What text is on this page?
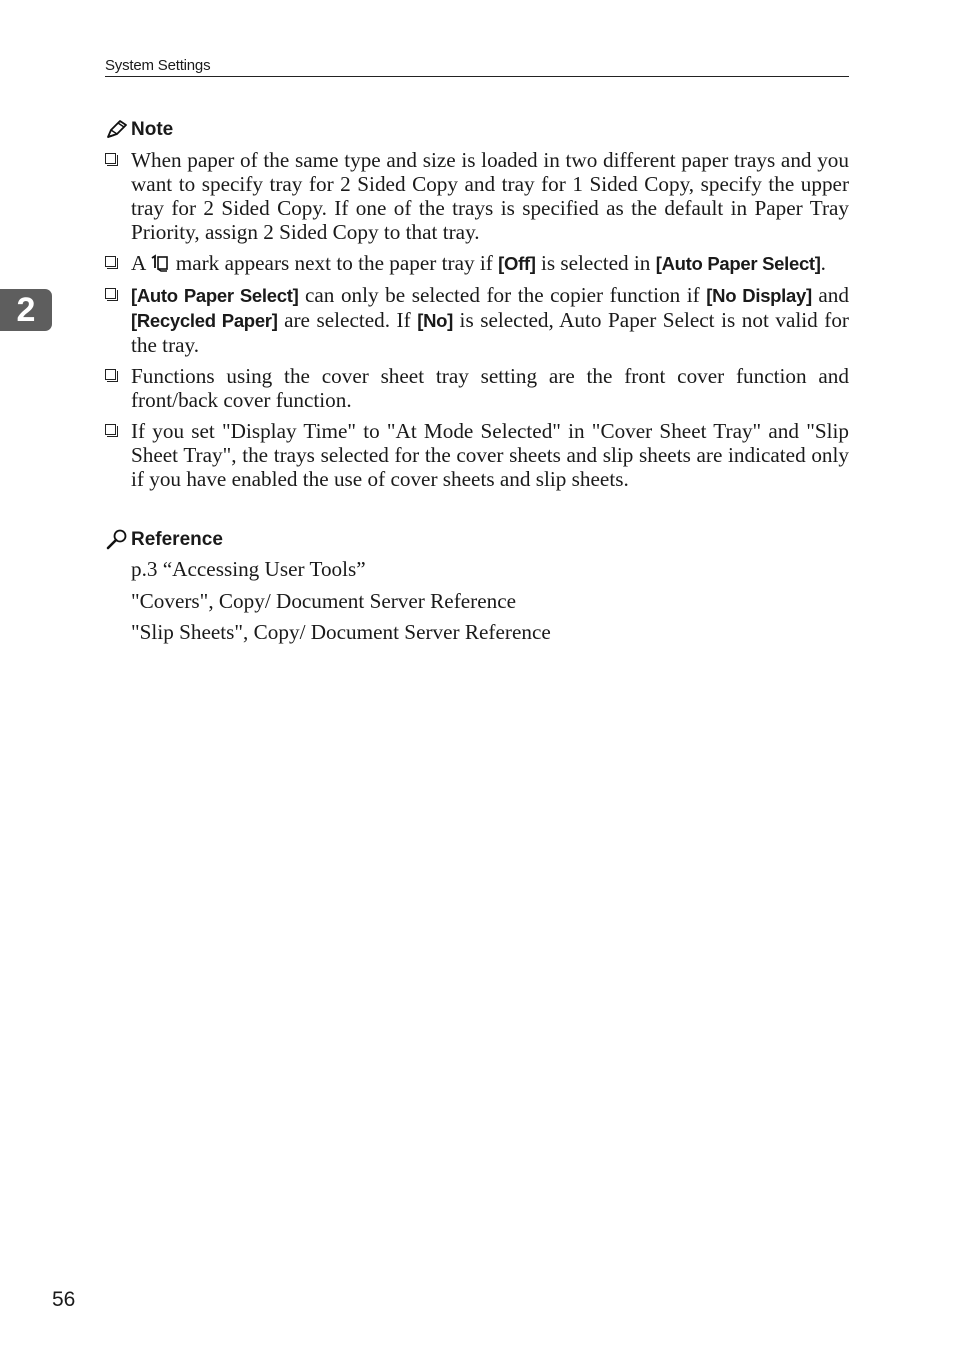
System Settings
2
Note
When paper of the same type and size is loaded in two different paper trays and you want to specify tray for 2 Sided Copy and tray for 1 Sided Copy, specify the upper tray for 2 Sided Copy. If one of the trays is specified as the default in Paper Tray Priority, assign 2 Sided Copy to that tray.
A  mark appears next to the paper tray if [Off] is selected in [Auto Paper Select].
[Auto Paper Select] can only be selected for the copier function if [No Display] and [Recycled Paper] are selected. If [No] is selected, Auto Paper Select is not valid for the tray.
Functions using the cover sheet tray setting are the front cover function and front/back cover function.
If you set "Display Time" to "At Mode Selected" in "Cover Sheet Tray" and "Slip Sheet Tray", the trays selected for the cover sheets and slip sheets are indicated only if you have enabled the use of cover sheets and slip sheets.
Reference
p.3 “Accessing User Tools”
"Covers", Copy/ Document Server Reference
"Slip Sheets", Copy/ Document Server Reference
56
